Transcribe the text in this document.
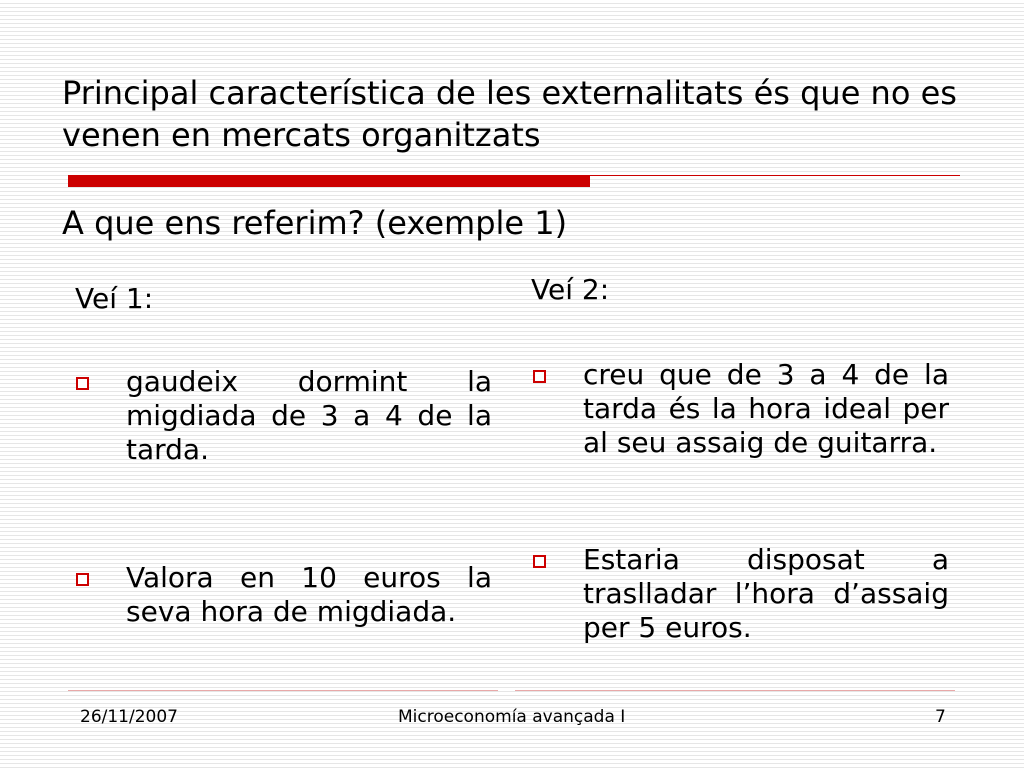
Principal característica de les externalitats és que no es venen en mercats organitzats
A que ens referim? (exemple 1)
Veí 1:
gaudeix dormint la migdiada de 3 a 4 de la tarda.
Valora en 10 euros la seva hora de migdiada.
Veí 2:
creu que de 3 a 4 de la tarda és la hora ideal per al seu assaig de guitarra.
Estaria disposat a traslladar l’hora d’assaig per 5 euros.
26/11/2007	Microeconomía avançada I	7
